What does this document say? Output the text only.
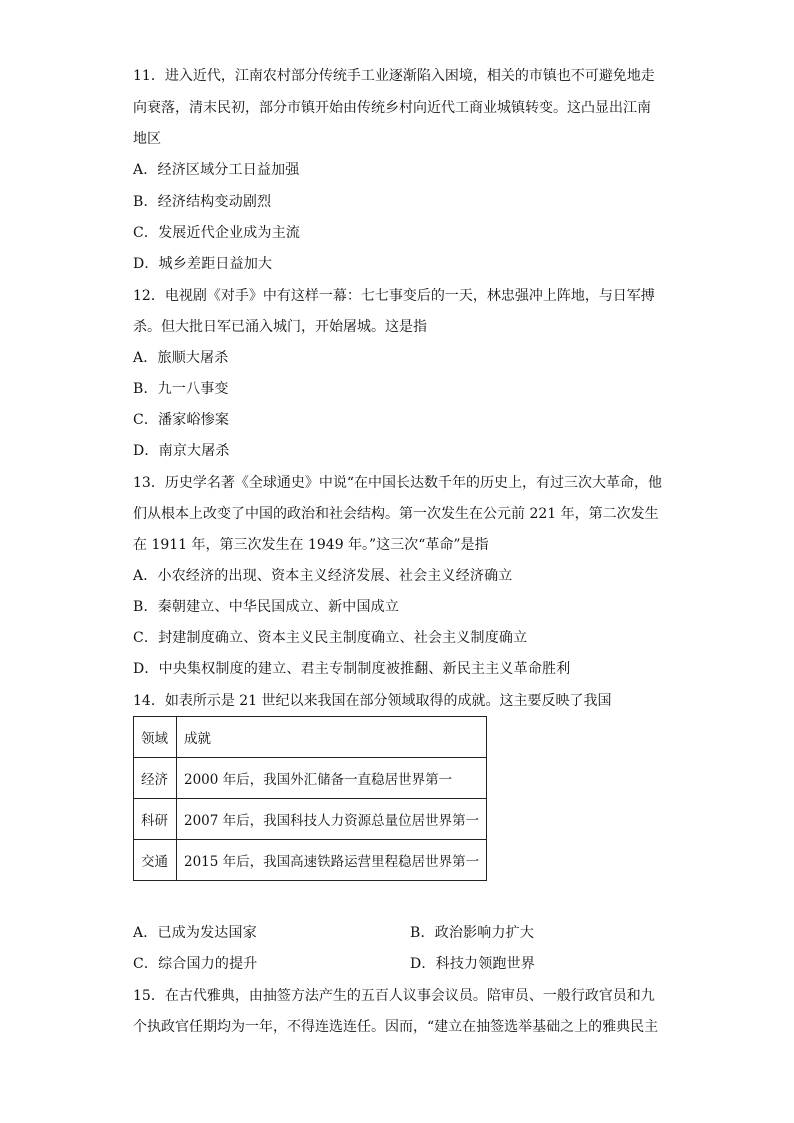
11．进入近代，江南农村部分传统手工业逐渐陷入困境，相关的市镇也不可避免地走
向衰落，清末民初，部分市镇开始由传统乡村向近代工商业城镇转变。这凸显出江南
地区
A．经济区域分工日益加强
B．经济结构变动剧烈
C．发展近代企业成为主流
D．城乡差距日益加大
12．电视剧《对手》中有这样一幕：七七事变后的一天，林忠强冲上阵地，与日军搏
杀。但大批日军已涌入城门，开始屠城。这是指
A．旅顺大屠杀
B．九一八事变
C．潘家峪惨案
D．南京大屠杀
13．历史学名著《全球通史》中说“在中国长达数千年的历史上，有过三次大革命，他
们从根本上改变了中国的政治和社会结构。第一次发生在公元前 221 年，第二次发生
在 1911 年，第三次发生在 1949 年。”这三次“革命”是指
A．小农经济的出现、资本主义经济发展、社会主义经济确立
B．秦朝建立、中华民国成立、新中国成立
C．封建制度确立、资本主义民主制度确立、社会主义制度确立
D．中央集权制度的建立、君主专制制度被推翻、新民主主义革命胜利
14．如表所示是 21 世纪以来我国在部分领域取得的成就。这主要反映了我国
领域	成就
经济	2000 年后，我国外汇储备一直稳居世界第一
科研	2007 年后，我国科技人力资源总量位居世界第一
交通	2015 年后，我国高速铁路运营里程稳居世界第一
A．已成为发达国家	B．政治影响力扩大
C．综合国力的提升	D．科技力领跑世界
15．在古代雅典，由抽签方法产生的五百人议事会议员。陪审员、一般行政官员和九
个执政官任期均为一年，不得连选连任。因而，“建立在抽签选举基础之上的雅典民主
